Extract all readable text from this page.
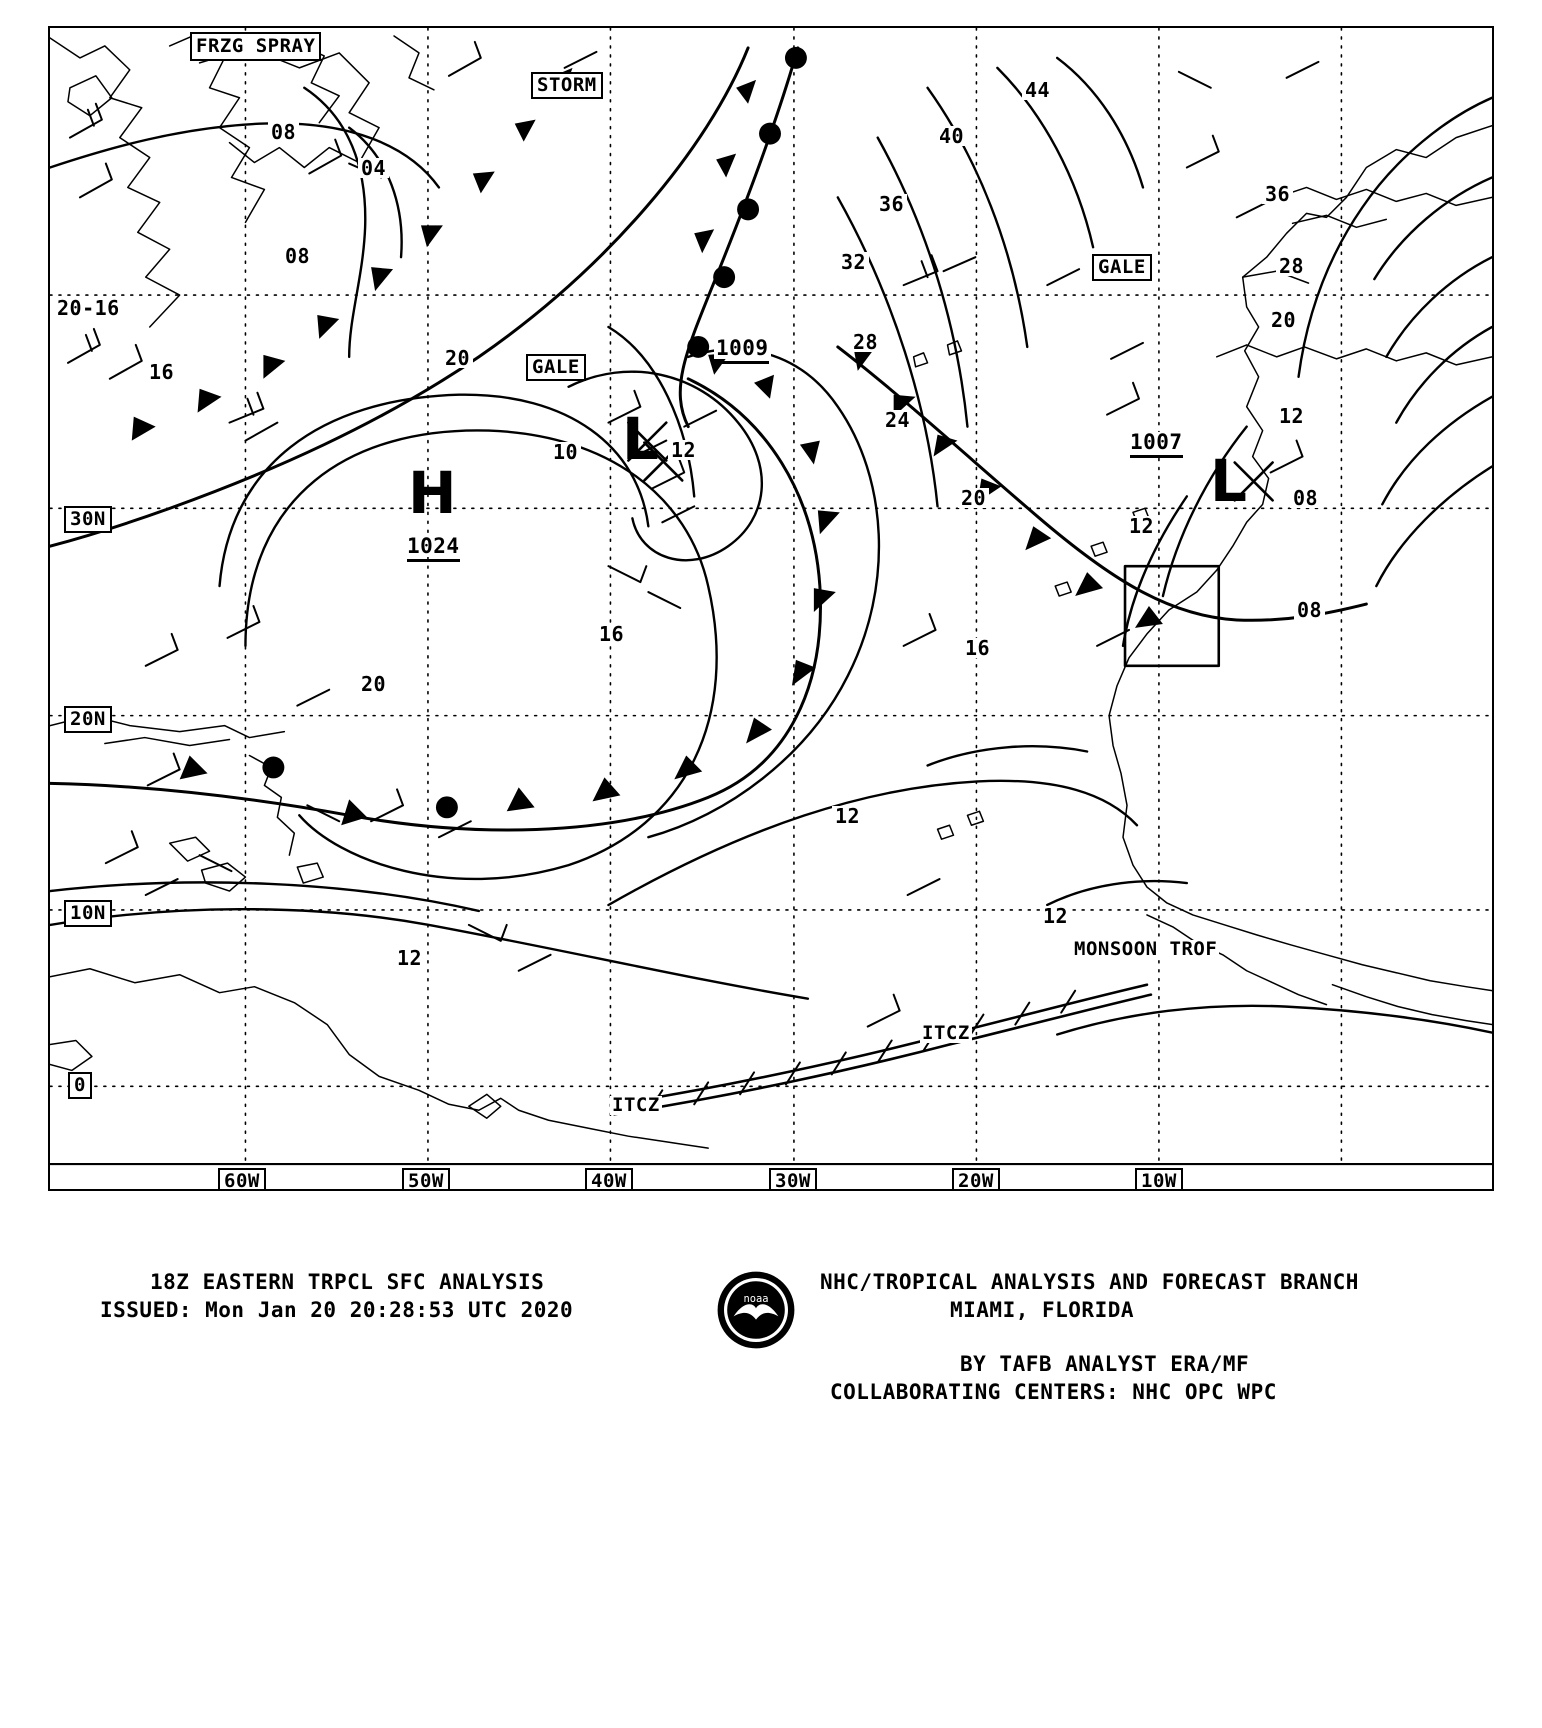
FRZG SPRAY
STORM
GALE
GALE
H
1024
L
1009
L
1007
MONSOON TROF
ITCZ
ITCZ
08
04
08
20-16
16
20
10	12
20
16
12
12
44
40
36
32
28
24
20
16
36
28
20
12
08
12
08
12
30N
20N
10N
0
60W	50W	40W	30W	20W	10W
18Z EASTERN TRPCL SFC ANALYSIS
ISSUED: Mon Jan 20 20:28:53 UTC 2020
NHC/TROPICAL ANALYSIS AND FORECAST BRANCH
MIAMI, FLORIDA
BY TAFB ANALYST ERA/MF
COLLABORATING CENTERS: NHC OPC WPC
noaa
